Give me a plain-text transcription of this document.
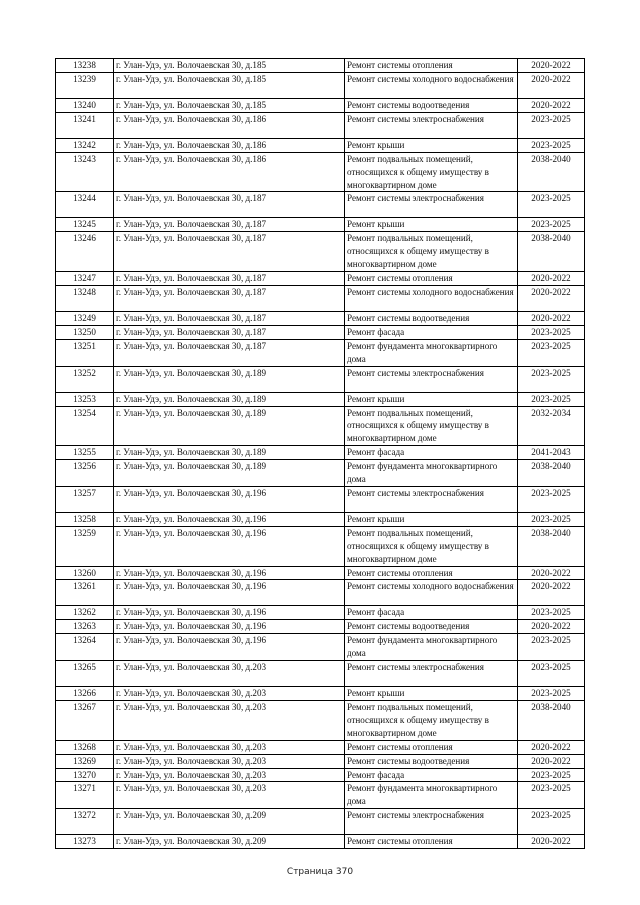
13238	г. Улан-Удэ, ул. Волочаевская 30, д.185	Ремонт системы отопления	2020-2022
13239	г. Улан-Удэ, ул. Волочаевская 30, д.185	Ремонт системы холодного водоснабжения	2020-2022
13240	г. Улан-Удэ, ул. Волочаевская 30, д.185	Ремонт системы водоотведения	2020-2022
13241	г. Улан-Удэ, ул. Волочаевская 30, д.186	Ремонт системы электроснабжения	2023-2025
13242	г. Улан-Удэ, ул. Волочаевская 30, д.186	Ремонт крыши	2023-2025
13243	г. Улан-Удэ, ул. Волочаевская 30, д.186	Ремонт подвальных помещений, относящихся к общему имуществу в многоквартирном доме	2038-2040
13244	г. Улан-Удэ, ул. Волочаевская 30, д.187	Ремонт системы электроснабжения	2023-2025
13245	г. Улан-Удэ, ул. Волочаевская 30, д.187	Ремонт крыши	2023-2025
13246	г. Улан-Удэ, ул. Волочаевская 30, д.187	Ремонт подвальных помещений, относящихся к общему имуществу в многоквартирном доме	2038-2040
13247	г. Улан-Удэ, ул. Волочаевская 30, д.187	Ремонт системы отопления	2020-2022
13248	г. Улан-Удэ, ул. Волочаевская 30, д.187	Ремонт системы холодного водоснабжения	2020-2022
13249	г. Улан-Удэ, ул. Волочаевская 30, д.187	Ремонт системы водоотведения	2020-2022
13250	г. Улан-Удэ, ул. Волочаевская 30, д.187	Ремонт фасада	2023-2025
13251	г. Улан-Удэ, ул. Волочаевская 30, д.187	Ремонт фундамента многоквартирного дома	2023-2025
13252	г. Улан-Удэ, ул. Волочаевская 30, д.189	Ремонт системы электроснабжения	2023-2025
13253	г. Улан-Удэ, ул. Волочаевская 30, д.189	Ремонт крыши	2023-2025
13254	г. Улан-Удэ, ул. Волочаевская 30, д.189	Ремонт подвальных помещений, относящихся к общему имуществу в многоквартирном доме	2032-2034
13255	г. Улан-Удэ, ул. Волочаевская 30, д.189	Ремонт фасада	2041-2043
13256	г. Улан-Удэ, ул. Волочаевская 30, д.189	Ремонт фундамента многоквартирного дома	2038-2040
13257	г. Улан-Удэ, ул. Волочаевская 30, д.196	Ремонт системы электроснабжения	2023-2025
13258	г. Улан-Удэ, ул. Волочаевская 30, д.196	Ремонт крыши	2023-2025
13259	г. Улан-Удэ, ул. Волочаевская 30, д.196	Ремонт подвальных помещений, относящихся к общему имуществу в многоквартирном доме	2038-2040
13260	г. Улан-Удэ, ул. Волочаевская 30, д.196	Ремонт системы отопления	2020-2022
13261	г. Улан-Удэ, ул. Волочаевская 30, д.196	Ремонт системы холодного водоснабжения	2020-2022
13262	г. Улан-Удэ, ул. Волочаевская 30, д.196	Ремонт фасада	2023-2025
13263	г. Улан-Удэ, ул. Волочаевская 30, д.196	Ремонт системы водоотведения	2020-2022
13264	г. Улан-Удэ, ул. Волочаевская 30, д.196	Ремонт фундамента многоквартирного дома	2023-2025
13265	г. Улан-Удэ, ул. Волочаевская 30, д.203	Ремонт системы электроснабжения	2023-2025
13266	г. Улан-Удэ, ул. Волочаевская 30, д.203	Ремонт крыши	2023-2025
13267	г. Улан-Удэ, ул. Волочаевская 30, д.203	Ремонт подвальных помещений, относящихся к общему имуществу в многоквартирном доме	2038-2040
13268	г. Улан-Удэ, ул. Волочаевская 30, д.203	Ремонт системы отопления	2020-2022
13269	г. Улан-Удэ, ул. Волочаевская 30, д.203	Ремонт системы водоотведения	2020-2022
13270	г. Улан-Удэ, ул. Волочаевская 30, д.203	Ремонт фасада	2023-2025
13271	г. Улан-Удэ, ул. Волочаевская 30, д.203	Ремонт фундамента многоквартирного дома	2023-2025
13272	г. Улан-Удэ, ул. Волочаевская 30, д.209	Ремонт системы электроснабжения	2023-2025
13273	г. Улан-Удэ, ул. Волочаевская 30, д.209	Ремонт системы отопления	2020-2022
Страница 370
